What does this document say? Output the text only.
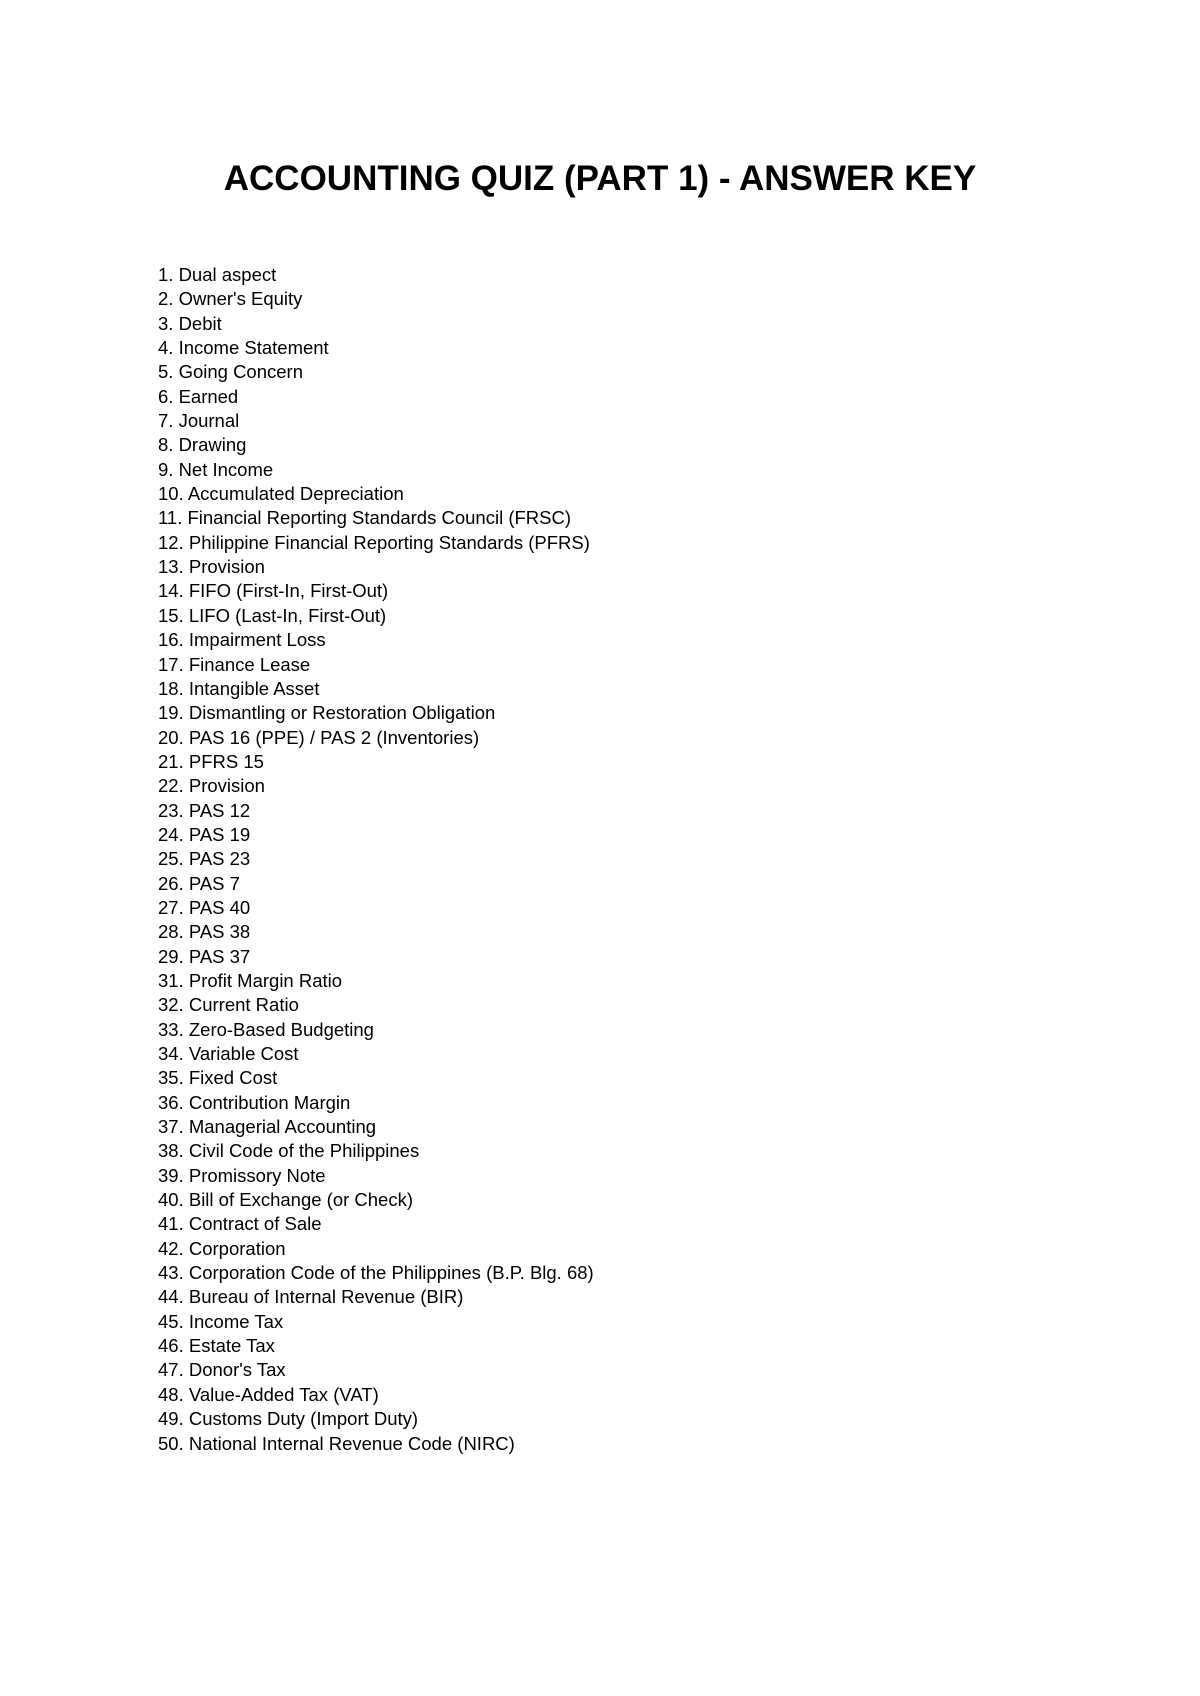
ACCOUNTING QUIZ (PART 1) - ANSWER KEY
1. Dual aspect
2. Owner's Equity
3. Debit
4. Income Statement
5. Going Concern
6. Earned
7. Journal
8. Drawing
9. Net Income
10. Accumulated Depreciation
11. Financial Reporting Standards Council (FRSC)
12. Philippine Financial Reporting Standards (PFRS)
13. Provision
14. FIFO (First-In, First-Out)
15. LIFO (Last-In, First-Out)
16. Impairment Loss
17. Finance Lease
18. Intangible Asset
19. Dismantling or Restoration Obligation
20. PAS 16 (PPE) / PAS 2 (Inventories)
21. PFRS 15
22. Provision
23. PAS 12
24. PAS 19
25. PAS 23
26. PAS 7
27. PAS 40
28. PAS 38
29. PAS 37
31. Profit Margin Ratio
32. Current Ratio
33. Zero-Based Budgeting
34. Variable Cost
35. Fixed Cost
36. Contribution Margin
37. Managerial Accounting
38. Civil Code of the Philippines
39. Promissory Note
40. Bill of Exchange (or Check)
41. Contract of Sale
42. Corporation
43. Corporation Code of the Philippines (B.P. Blg. 68)
44. Bureau of Internal Revenue (BIR)
45. Income Tax
46. Estate Tax
47. Donor's Tax
48. Value-Added Tax (VAT)
49. Customs Duty (Import Duty)
50. National Internal Revenue Code (NIRC)
